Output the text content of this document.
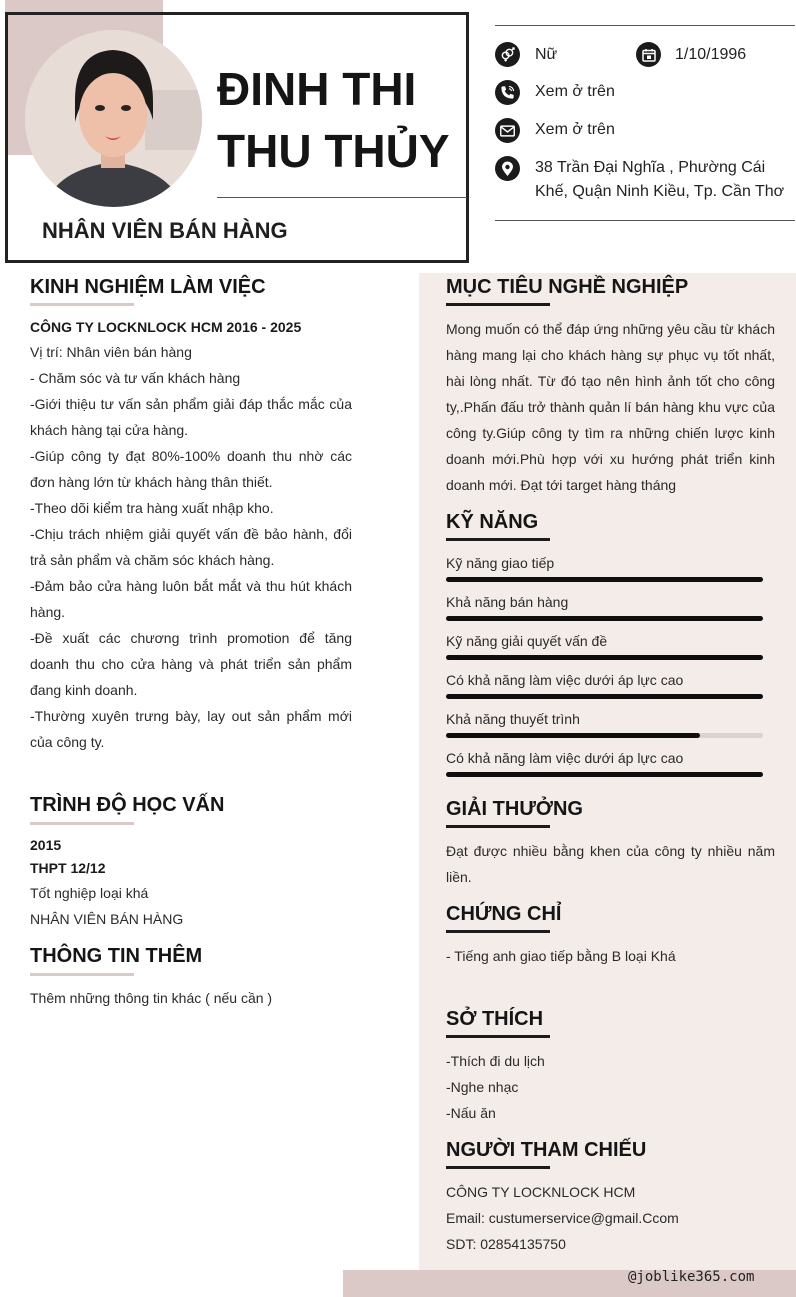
ĐINH THI
THU THỦY
NHÂN VIÊN BÁN HÀNG
Nữ	1/10/1996
Xem ở trên
Xem ở trên
38 Trần Đại Nghĩa , Phường Cái
Khế, Quận Ninh Kiều, Tp. Cần Thơ
KINH NGHIỆM LÀM VIỆC
CÔNG TY LOCKNLOCK HCM 2016 - 2025
Vị trí: Nhân viên bán hàng
- Chăm sóc và tư vấn khách hàng
-Giới thiệu tư vấn sản phẩm giải đáp thắc mắc của khách hàng tại cửa hàng.
-Giúp công ty đạt 80%-100% doanh thu nhờ các đơn hàng lớn từ khách hàng thân thiết.
-Theo dõi kiểm tra hàng xuất nhập kho.
-Chịu trách nhiệm giải quyết vấn đề bảo hành, đổi trả sản phẩm và chăm sóc khách hàng.
-Đảm bảo cửa hàng luôn bắt mắt và thu hút khách hàng.
-Đề xuất các chương trình promotion để tăng doanh thu cho cửa hàng và phát triển sản phẩm đang kinh doanh.
-Thường xuyên trưng bày, lay out sản phẩm mới của công ty.
TRÌNH ĐỘ HỌC VẤN
2015
THPT 12/12
Tốt nghiệp loại khá
NHÂN VIÊN BÁN HÀNG
THÔNG TIN THÊM
Thêm những thông tin khác ( nếu cần )
MỤC TIÊU NGHỀ NGHIỆP
Mong muốn có thể đáp ứng những yêu cầu từ khách hàng mang lại cho khách hàng sự phục vụ tốt nhất, hài lòng nhất. Từ đó tạo nên hình ảnh tốt cho công ty,.Phấn đấu trở thành quản lí bán hàng khu vực của công ty.Giúp công ty tìm ra những chiến lược kinh doanh mới.Phù hợp với xu hướng phát triển kinh doanh mới. Đạt tới target hàng tháng
KỸ NĂNG
Kỹ năng giao tiếp
Khả năng bán hàng
Kỹ năng giải quyết vấn đề
Có khả năng làm việc dưới áp lực cao
Khả năng thuyết trình
Có khả năng làm việc dưới áp lực cao
GIẢI THƯỞNG
Đạt được nhiều bằng khen của công ty nhiều năm liền.
CHỨNG CHỈ
- Tiếng anh giao tiếp bằng B loại Khá
SỞ THÍCH
-Thích đi du lịch
-Nghe nhạc
-Nấu ăn
NGƯỜI THAM CHIẾU
CÔNG TY LOCKNLOCK HCM
Email: custumerservice@gmail.Ccom
SDT: 02854135750
@joblike365.com
